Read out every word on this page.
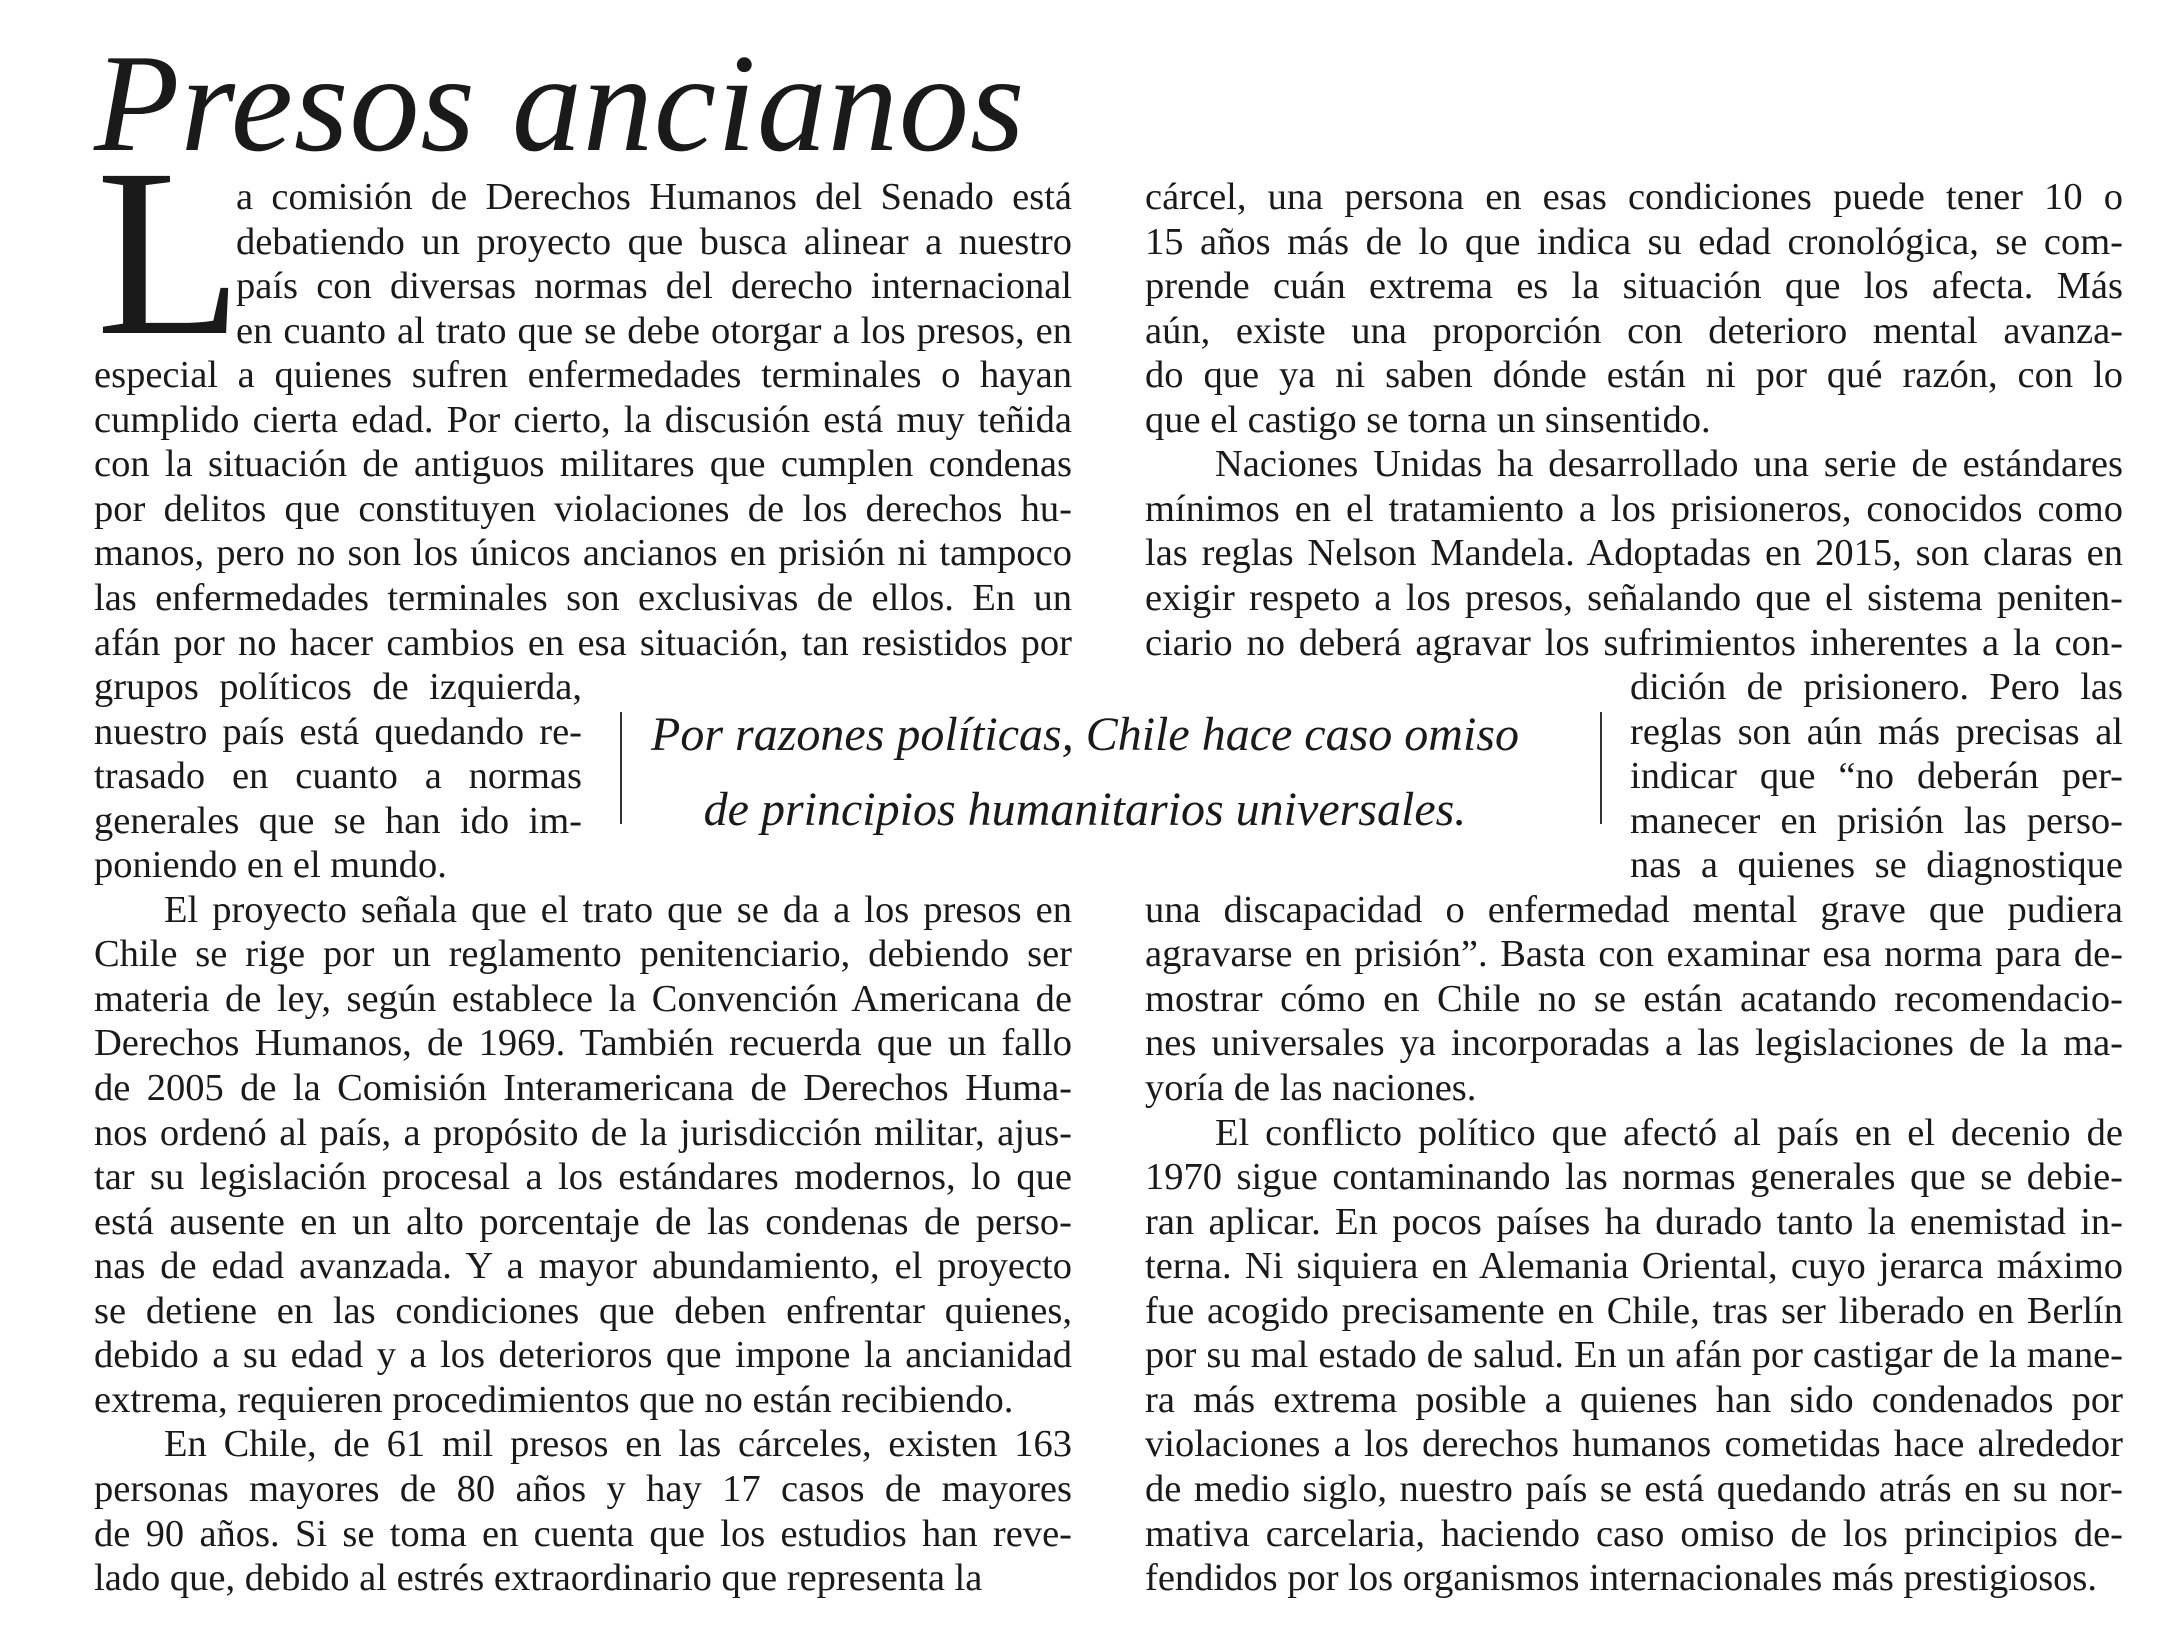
Presos ancianos
L
a comisión de Derechos Humanos del Senado está
debatiendo un proyecto que busca alinear a nuestro
país con diversas normas del derecho internacional
en cuanto al trato que se debe otorgar a los presos, en
especial a quienes sufren enfermedades terminales o hayan
cumplido cierta edad. Por cierto, la discusión está muy teñida
con la situación de antiguos militares que cumplen condenas
por delitos que constituyen violaciones de los derechos hu-
manos, pero no son los únicos ancianos en prisión ni tampoco
las enfermedades terminales son exclusivas de ellos. En un
afán por no hacer cambios en esa situación, tan resistidos por
grupos políticos de izquierda,
nuestro país está quedando re-
trasado en cuanto a normas
generales que se han ido im-
poniendo en el mundo.
El proyecto señala que el trato que se da a los presos en
Chile se rige por un reglamento penitenciario, debiendo ser
materia de ley, según establece la Convención Americana de
Derechos Humanos, de 1969. También recuerda que un fallo
de 2005 de la Comisión Interamericana de Derechos Huma-
nos ordenó al país, a propósito de la jurisdicción militar, ajus-
tar su legislación procesal a los estándares modernos, lo que
está ausente en un alto porcentaje de las condenas de perso-
nas de edad avanzada. Y a mayor abundamiento, el proyecto
se detiene en las condiciones que deben enfrentar quienes,
debido a su edad y a los deterioros que impone la ancianidad
extrema, requieren procedimientos que no están recibiendo.
En Chile, de 61 mil presos en las cárceles, existen 163
personas mayores de 80 años y hay 17 casos de mayores
de 90 años. Si se toma en cuenta que los estudios han reve-
lado que, debido al estrés extraordinario que representa la
cárcel, una persona en esas condiciones puede tener 10 o
15 años más de lo que indica su edad cronológica, se com-
prende cuán extrema es la situación que los afecta. Más
aún, existe una proporción con deterioro mental avanza-
do que ya ni saben dónde están ni por qué razón, con lo
que el castigo se torna un sinsentido.
Naciones Unidas ha desarrollado una serie de estándares
mínimos en el tratamiento a los prisioneros, conocidos como
las reglas Nelson Mandela. Adoptadas en 2015, son claras en
exigir respeto a los presos, señalando que el sistema peniten-
ciario no deberá agravar los sufrimientos inherentes a la con-
dición de prisionero. Pero las
reglas son aún más precisas al
indicar que “no deberán per-
manecer en prisión las perso-
nas a quienes se diagnostique
una discapacidad o enfermedad mental grave que pudiera
agravarse en prisión”. Basta con examinar esa norma para de-
mostrar cómo en Chile no se están acatando recomendacio-
nes universales ya incorporadas a las legislaciones de la ma-
yoría de las naciones.
El conflicto político que afectó al país en el decenio de
1970 sigue contaminando las normas generales que se debie-
ran aplicar. En pocos países ha durado tanto la enemistad in-
terna. Ni siquiera en Alemania Oriental, cuyo jerarca máximo
fue acogido precisamente en Chile, tras ser liberado en Berlín
por su mal estado de salud. En un afán por castigar de la mane-
ra más extrema posible a quienes han sido condenados por
violaciones a los derechos humanos cometidas hace alrededor
de medio siglo, nuestro país se está quedando atrás en su nor-
mativa carcelaria, haciendo caso omiso de los principios de-
fendidos por los organismos internacionales más prestigiosos.
Por razones políticas, Chile hace caso omiso
de principios humanitarios universales.
